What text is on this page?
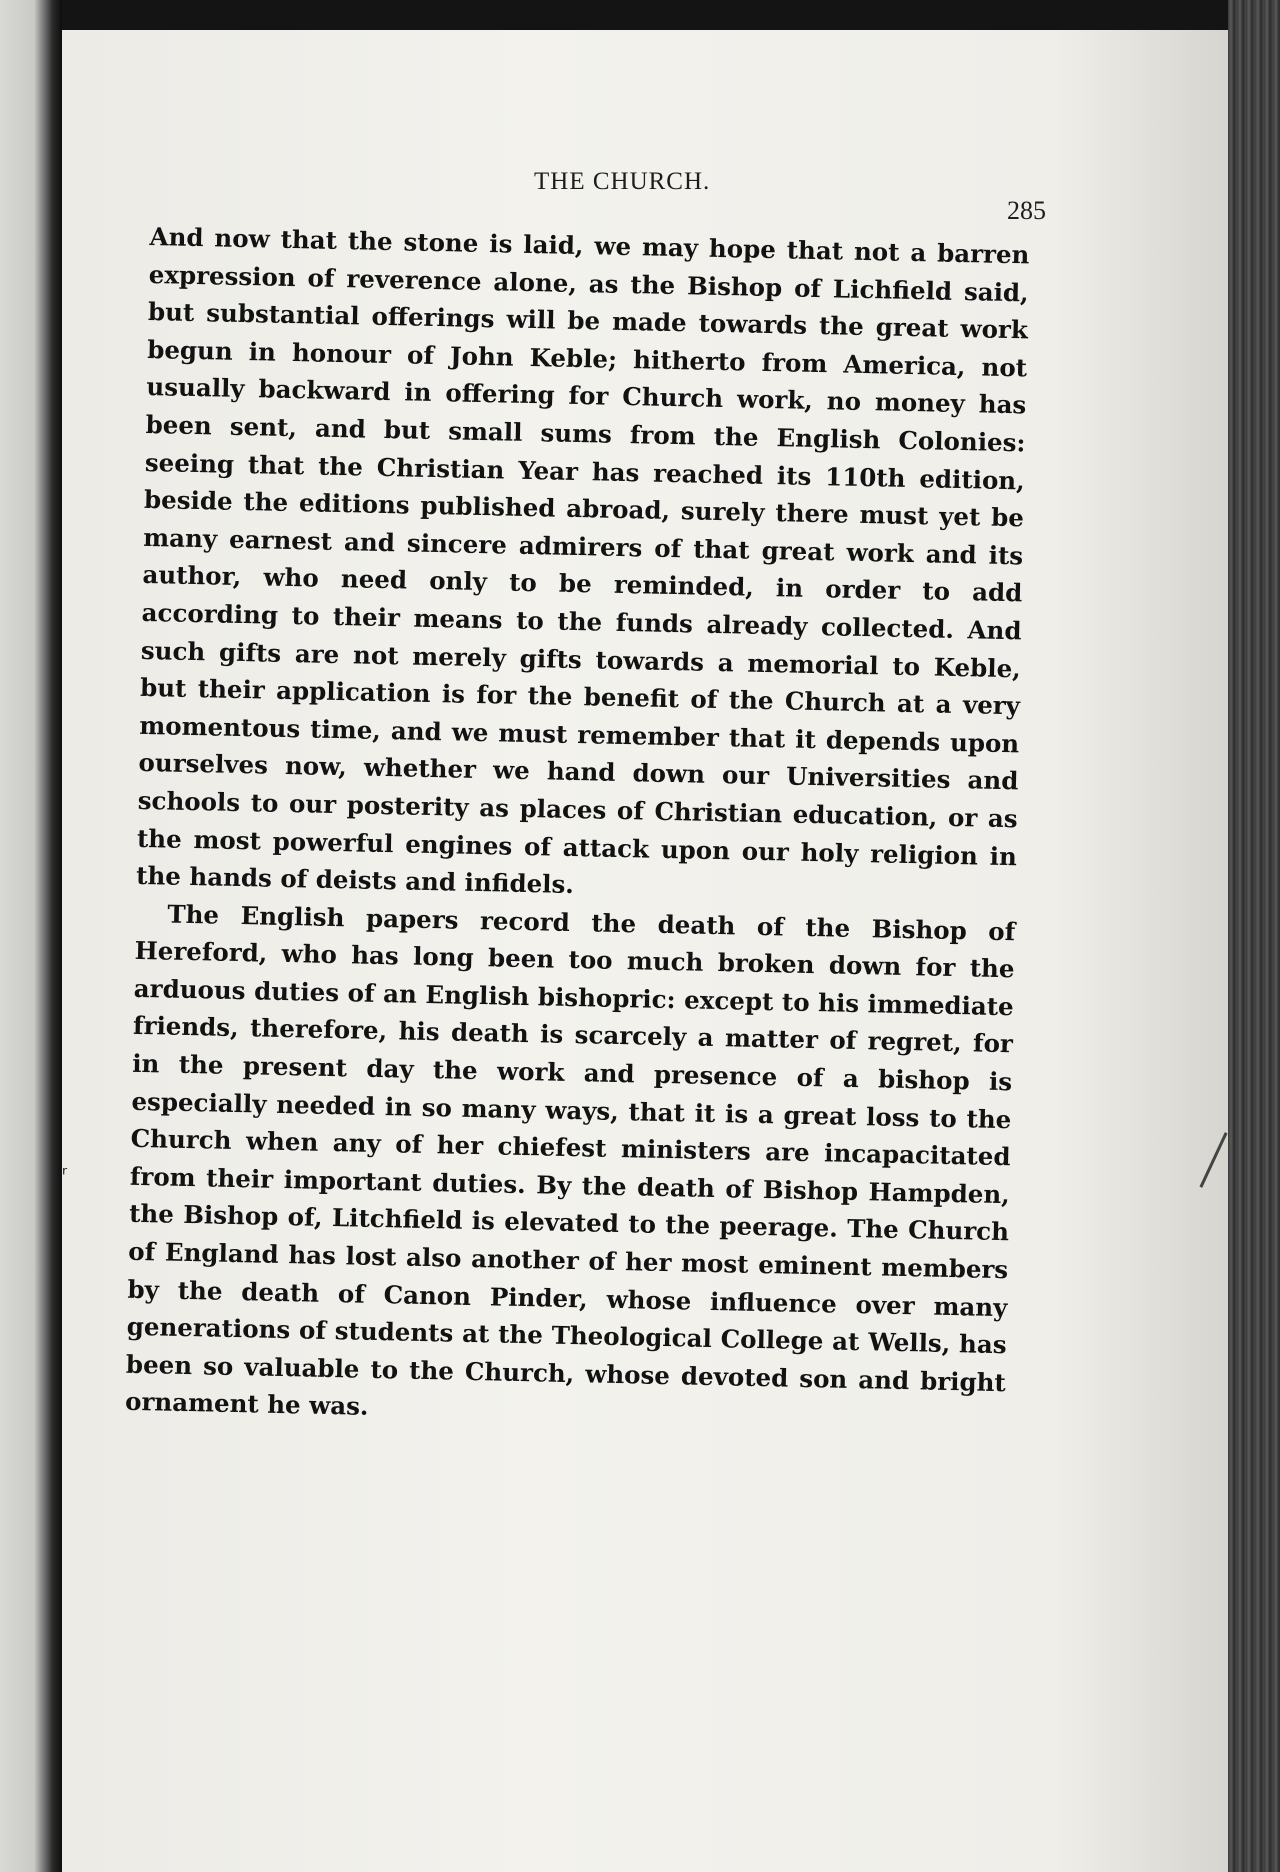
THE CHURCH.
285

And now that the stone is laid, we may hope that not a barren expression of reverence alone, as the Bishop of Lichfield said, but substantial offerings will be made towards the great work begun in honour of John Keble; hitherto from America, not usually backward in offering for Church work, no money has been sent, and but small sums from the English Colonies: seeing that the Christian Year has reached its 110th edition, beside the editions published abroad, surely there must yet be many earnest and sincere admirers of that great work and its author, who need only to be reminded, in order to add according to their means to the funds already collected. And such gifts are not merely gifts towards a memorial to Keble, but their application is for the benefit of the Church at a very momentous time, and we must remember that it depends upon ourselves now, whether we hand down our Universities and schools to our posterity as places of Christian education, or as the most powerful engines of attack upon our holy religion in the hands of deists and infidels.

The English papers record the death of the Bishop of Hereford, who has long been too much broken down for the arduous duties of an English bishopric: except to his immediate friends, therefore, his death is scarcely a matter of regret, for in the present day the work and presence of a bishop is especially needed in so many ways, that it is a great loss to the Church when any of her chiefest ministers are incapacitated from their important duties. By the death of Bishop Hampden, the Bishop of, Litchfield is elevated to the peerage. The Church of England has lost also another of her most eminent members by the death of Canon Pinder, whose influence over many generations of students at the Theological College at Wells, has been so valuable to the Church, whose devoted son and bright ornament he was.

ʳ
